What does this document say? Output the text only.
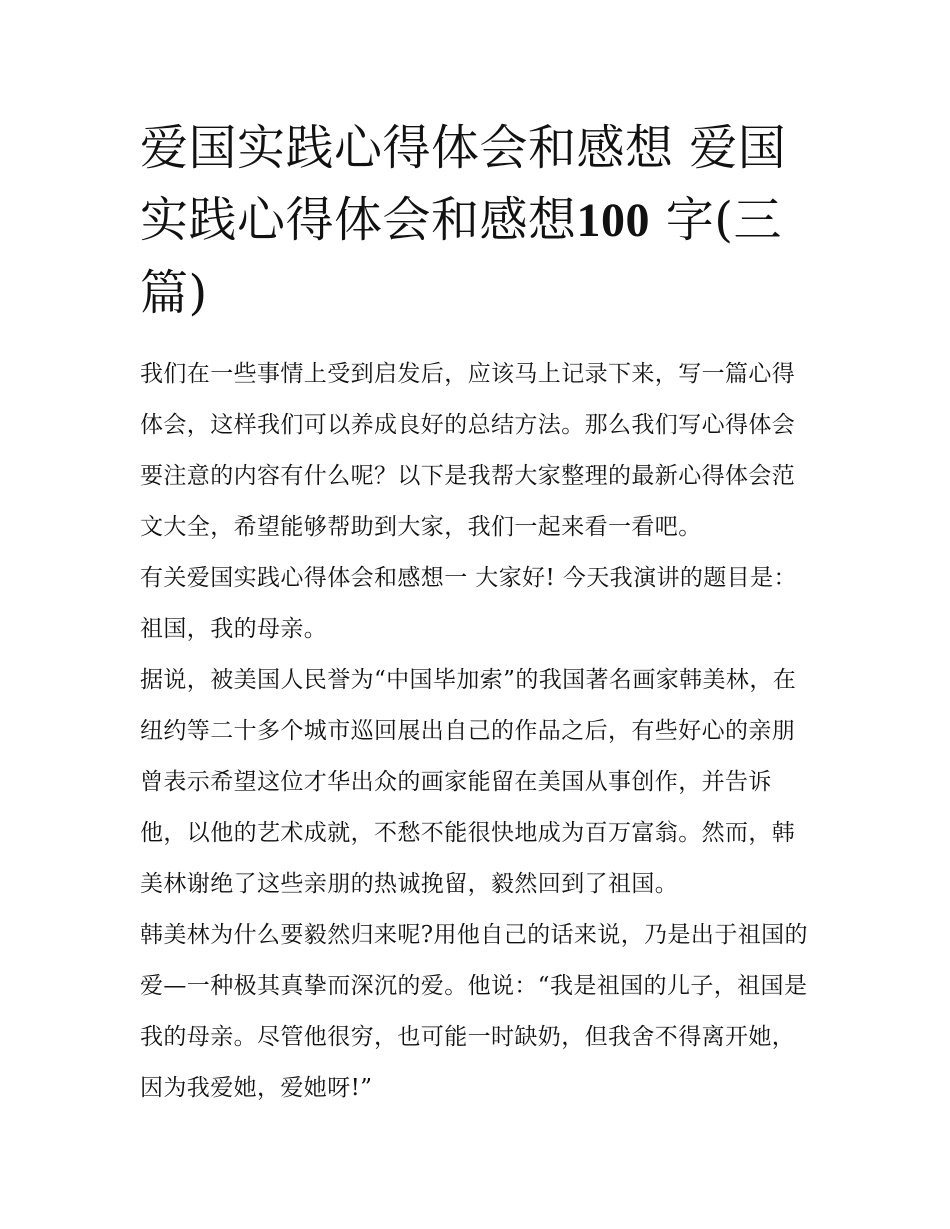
爱国实践心得体会和感想 爱国实践心得体会和感想100 字(三篇)

我们在一些事情上受到启发后，应该马上记录下来，写一篇心得体会，这样我们可以养成良好的总结方法。那么我们写心得体会要注意的内容有什么呢？以下是我帮大家整理的最新心得体会范文大全，希望能够帮助到大家，我们一起来看一看吧。

有关爱国实践心得体会和感想一 大家好! 今天我演讲的题目是：祖国，我的母亲。

据说，被美国人民誉为“中国毕加索”的我国著名画家韩美林，在纽约等二十多个城市巡回展出自己的作品之后，有些好心的亲朋曾表示希望这位才华出众的画家能留在美国从事创作，并告诉他，以他的艺术成就，不愁不能很快地成为百万富翁。然而，韩美林谢绝了这些亲朋的热诚挽留，毅然回到了祖国。

韩美林为什么要毅然归来呢?用他自己的话来说，乃是出于祖国的爱—一种极其真挚而深沉的爱。他说：“我是祖国的儿子，祖国是我的母亲。尽管他很穷，也可能一时缺奶，但我舍不得离开她，因为我爱她，爱她呀!”
